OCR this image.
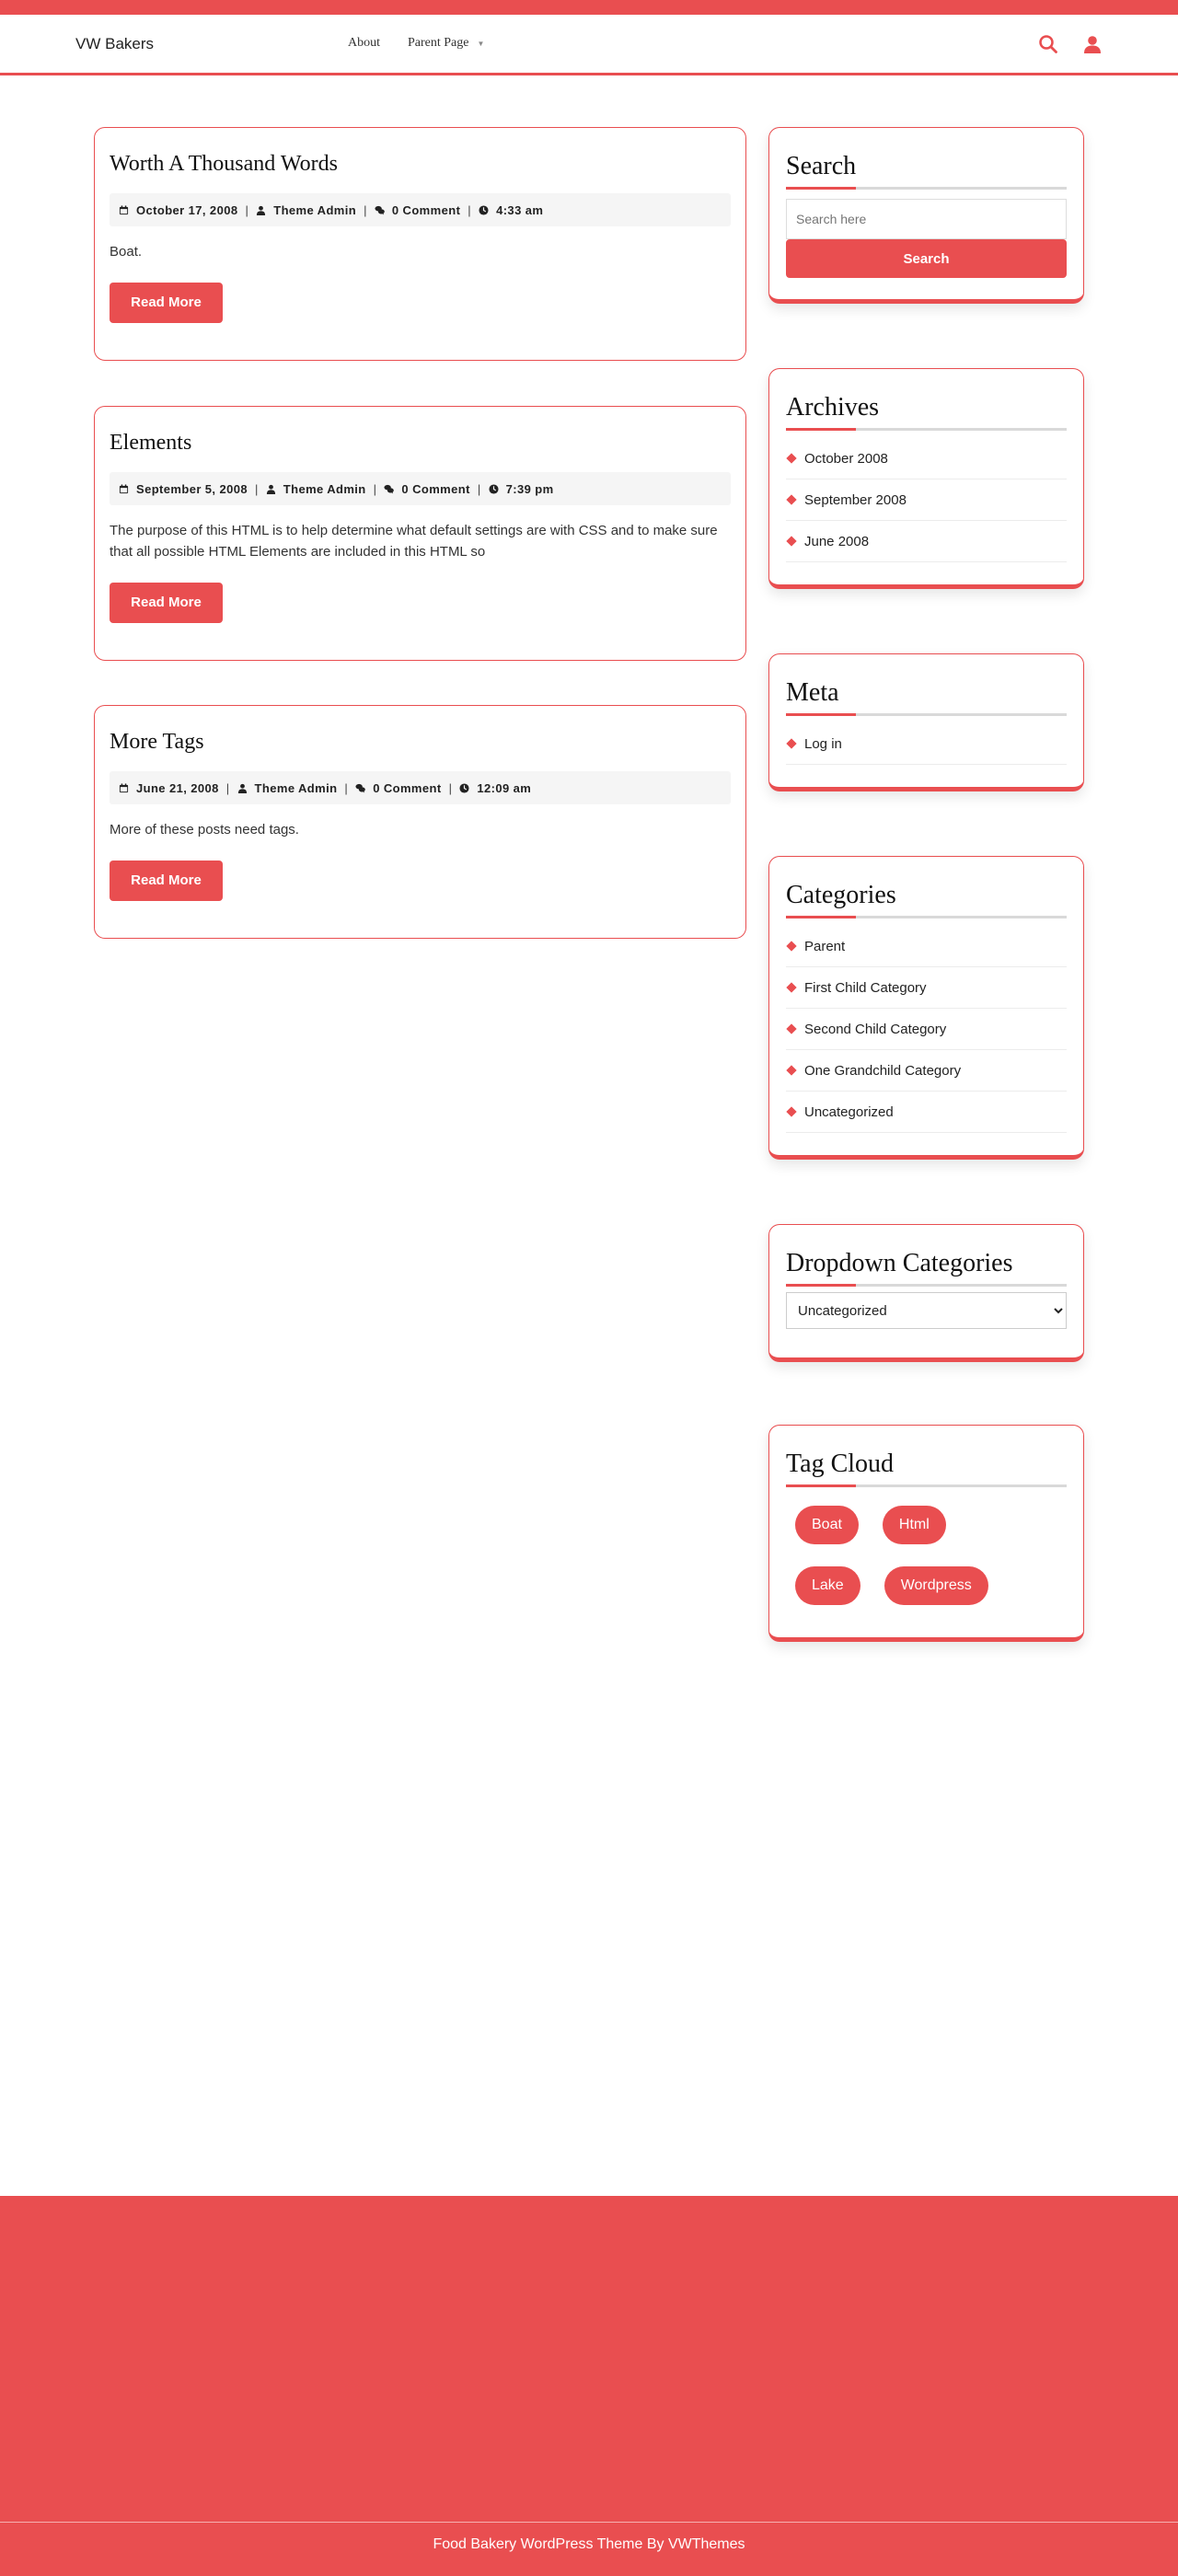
VW Bakers	About Parent Page ▼
Worth A Thousand Words
October 17, 2008 | Theme Admin | 0 Comment | 4:33 am

Boat.

Read More
Elements
September 5, 2008 | Theme Admin | 0 Comment | 7:39 pm

The purpose of this HTML is to help determine what default settings are with CSS and to make sure that all possible HTML Elements are included in this HTML so

Read More
More Tags
June 21, 2008 | Theme Admin | 0 Comment | 12:09 am

More of these posts need tags.

Read More
Search
Search here
Search
Archives
October 2008
September 2008
June 2008
Meta
Log in
Categories
Parent
First Child Category
Second Child Category
One Grandchild Category
Uncategorized
Dropdown Categories
Uncategorized
Tag Cloud
Boat	Html
Lake	Wordpress
Food Bakery WordPress Theme By VWThemes
